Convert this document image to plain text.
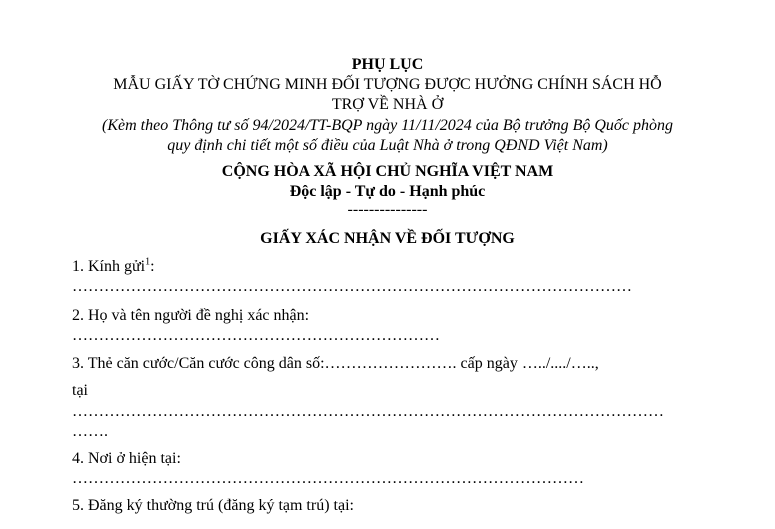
PHỤ LỤC
MẪU GIẤY TỜ CHỨNG MINH ĐỐI TƯỢNG ĐƯỢC HƯỞNG CHÍNH SÁCH HỖ
TRỢ VỀ NHÀ Ở
(Kèm theo Thông tư số 94/2024/TT-BQP ngày 11/11/2024 của Bộ trưởng Bộ Quốc phòng
quy định chi tiết một số điều của Luật Nhà ở trong QĐND Việt Nam)
CỘNG HÒA XÃ HỘI CHỦ NGHĨA VIỆT NAM
Độc lập - Tự do - Hạnh phúc
---------------
GIẤY XÁC NHẬN VỀ ĐỐI TƯỢNG
1. Kính gửi$^1$:
……………………………………………………………………………………………
2. Họ và tên người đề nghị xác nhận:
……………………………………………………………
3. Thẻ căn cước/Căn cước công dân số:……………………. cấp ngày …../..../…..,
tại
…………………………………………………………………………………………………
…….
4. Nơi ở hiện tại:
……………………………………………………………………………………
5. Đăng ký thường trú (đăng ký tạm trú) tại:
